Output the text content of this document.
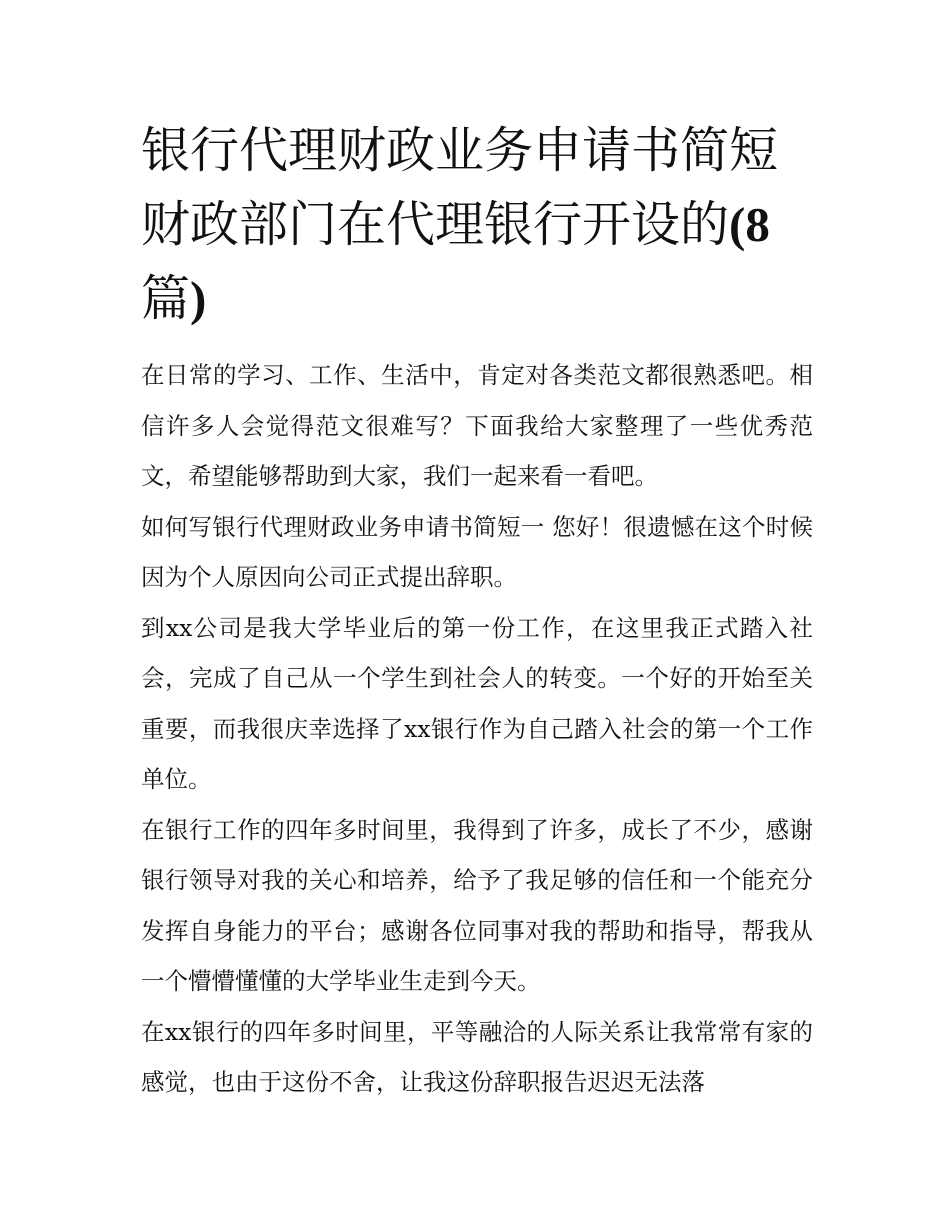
银行代理财政业务申请书简短
财政部门在代理银行开设的(8
篇)

在日常的学习、工作、生活中，肯定对各类范文都很熟悉吧。相信许多人会觉得范文很难写？下面我给大家整理了一些优秀范文，希望能够帮助到大家，我们一起来看一看吧。

如何写银行代理财政业务申请书简短一 您好！很遗憾在这个时候因为个人原因向公司正式提出辞职。

到xx公司是我大学毕业后的第一份工作，在这里我正式踏入社会，完成了自己从一个学生到社会人的转变。一个好的开始至关重要，而我很庆幸选择了xx银行作为自己踏入社会的第一个工作单位。

在银行工作的四年多时间里，我得到了许多，成长了不少，感谢银行领导对我的关心和培养，给予了我足够的信任和一个能充分发挥自身能力的平台；感谢各位同事对我的帮助和指导，帮我从一个懵懵懂懂的大学毕业生走到今天。

在xx银行的四年多时间里，平等融洽的人际关系让我常常有家的感觉，也由于这份不舍，让我这份辞职报告迟迟无法落
